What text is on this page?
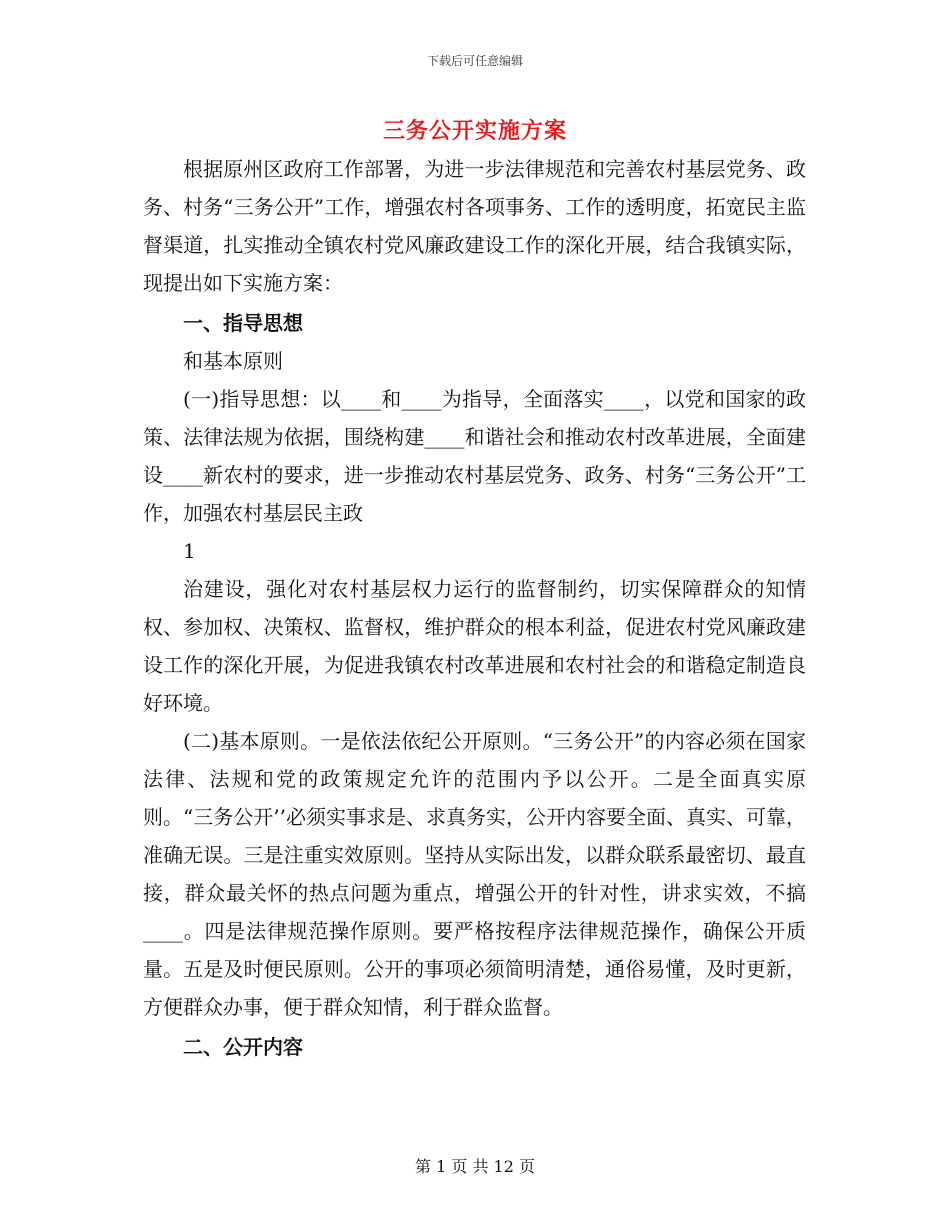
下载后可任意编辑
三务公开实施方案

根据原州区政府工作部署，为进一步法律规范和完善农村基层党务、政务、村务“三务公开”工作，增强农村各项事务、工作的透明度，拓宽民主监督渠道，扎实推动全镇农村党风廉政建设工作的深化开展，结合我镇实际，现提出如下实施方案：

一、指导思想

和基本原则

(一)指导思想：以____和____为指导，全面落实____，以党和国家的政策、法律法规为依据，围绕构建____和谐社会和推动农村改革进展，全面建设____新农村的要求，进一步推动农村基层党务、政务、村务“三务公开”工作，加强农村基层民主政

1

治建设，强化对农村基层权力运行的监督制约，切实保障群众的知情权、参加权、决策权、监督权，维护群众的根本利益，促进农村党风廉政建设工作的深化开展，为促进我镇农村改革进展和农村社会的和谐稳定制造良好环境。

(二)基本原则。一是依法依纪公开原则。“三务公开”的内容必须在国家法律、法规和党的政策规定允许的范围内予以公开。二是全面真实原则。“三务公开’’必须实事求是、求真务实，公开内容要全面、真实、可靠，准确无误。三是注重实效原则。坚持从实际出发，以群众联系最密切、最直接，群众最关怀的热点问题为重点，增强公开的针对性，讲求实效，不搞____。四是法律规范操作原则。要严格按程序法律规范操作，确保公开质量。五是及时便民原则。公开的事项必须简明清楚，通俗易懂，及时更新，方便群众办事，便于群众知情，利于群众监督。

二、公开内容

第 1 页 共 12 页
